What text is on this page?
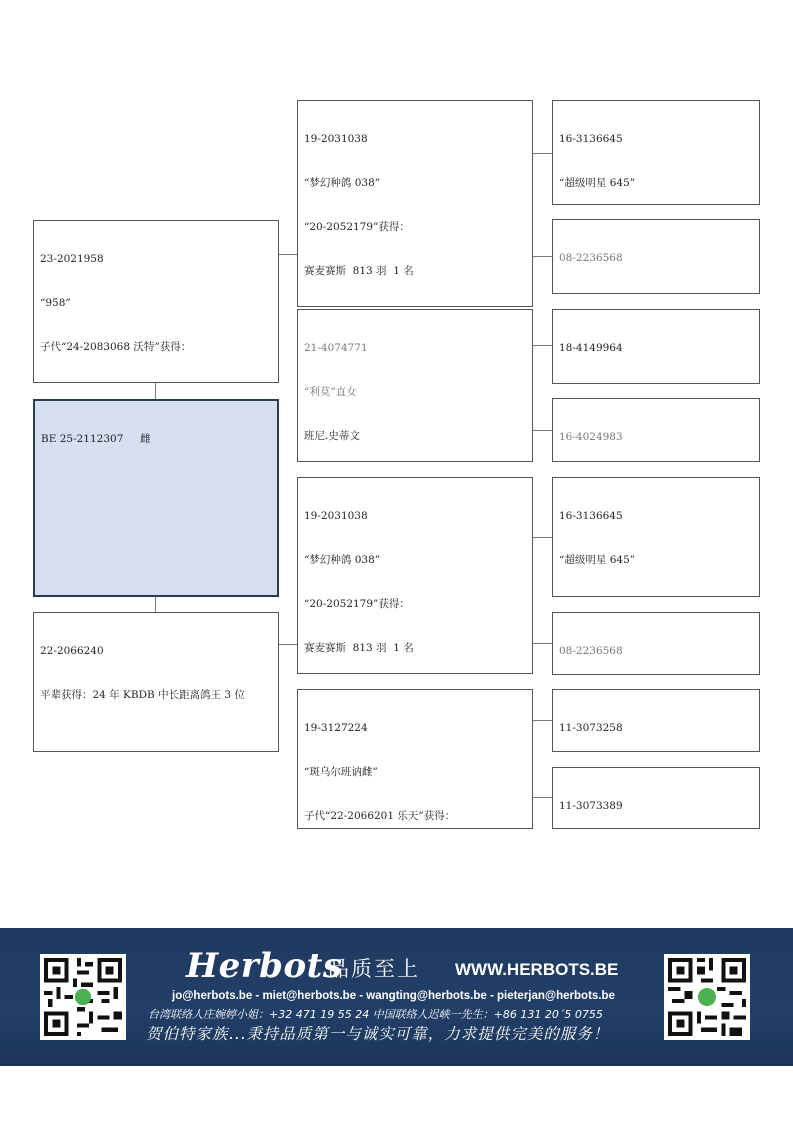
23-2021958

“958”

子代“24-2083068 沃特”获得：

BE 25-2112307 雌

22-2066240

平辈获得：24 年 KBDB 中长距离鸽王 3 位

19-2031038

“梦幻种鸽 038”

“20-2052179”获得：

赛麦赛斯  813 羽  1 名

21-4074771

“利莫”直女

班尼.史蒂文

19-2031038

“梦幻种鸽 038”

“20-2052179”获得：

赛麦赛斯  813 羽  1 名

19-3127224

“斑乌尔班讷雌”

子代“22-2066201 乐天”获得：

16-3136645

“超级明星 645”

08-2236568

18-4149964

16-4024983

16-3136645

“超级明星 645”

08-2236568

11-3073258

11-3073389

Herbots
品质至上 WWW.HERBOTS.BE
jo@herbots.be - miet@herbots.be - wangting@herbots.be - pieterjan@herbots.be
台湾联络人庄婉婷小姐：+32 471 19 55 24 中国联络人迟峡一先生：+86 131 20´5 0755
贺伯特家族...秉持品质第一与诚实可靠，力求提供完美的服务！
